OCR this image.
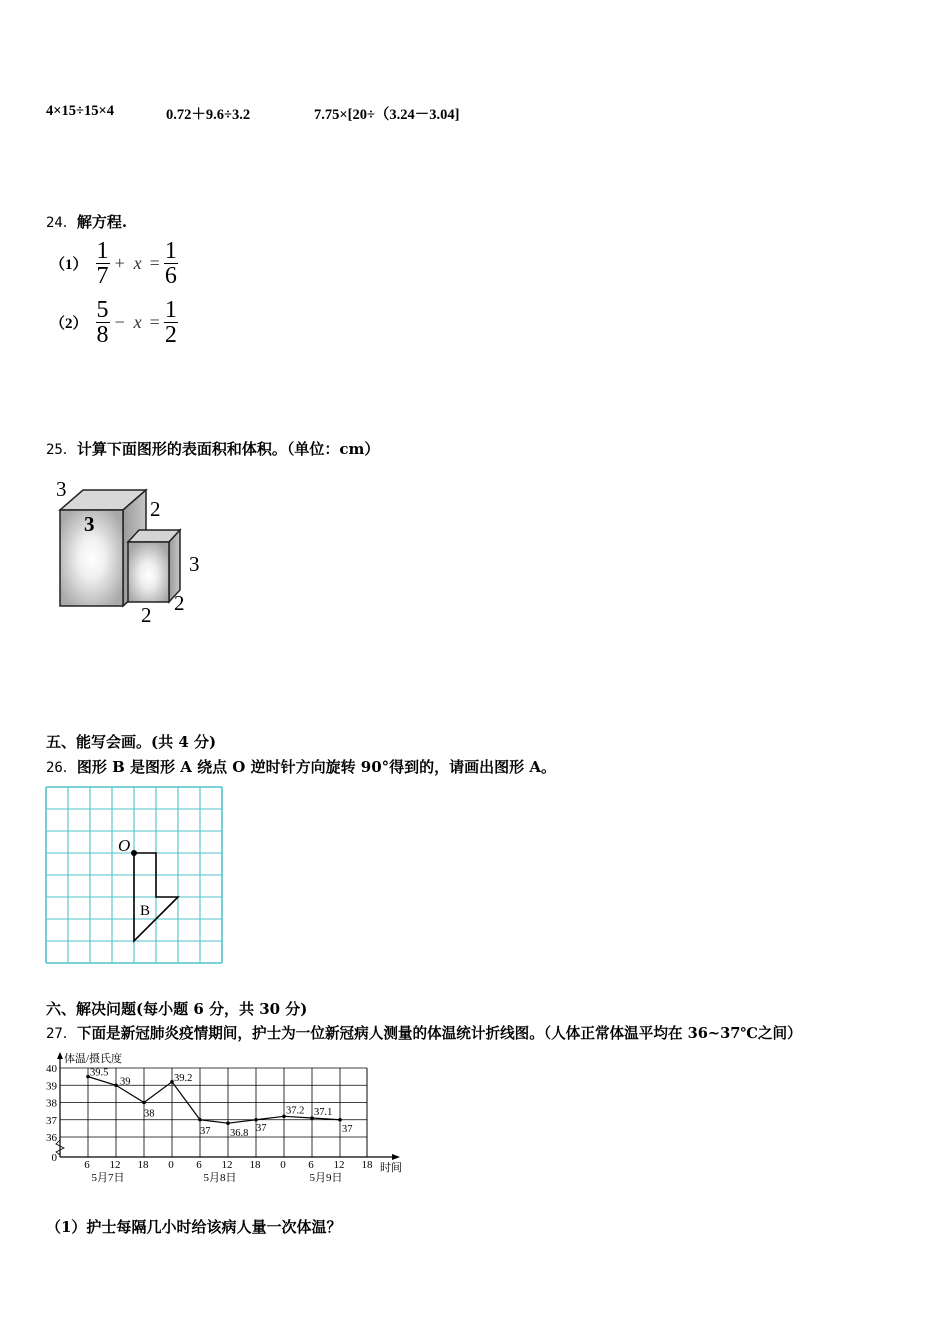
4×15÷15×4	0.72＋9.6÷3.2	7.75×[20÷（3.24－3.04]
24．解方程.
$(1) \frac{1}{7} + x = \frac{1}{6}$
$(2) \frac{5}{8} - x = \frac{1}{2}$
25．计算下面图形的表面积和体积。（单位：cm）
3
3
2
3
2 2
五、能写会画。(共 4 分)
26．图形 B 是图形 A 绕点 O 逆时针方向旋转 90°得到的，请画出图形 A。
O
B
六、解决问题(每小题 6 分，共 30 分)
27．下面是新冠肺炎疫情期间，护士为一位新冠病人测量的体温统计折线图。（人体正常体温平均在 36~37℃之间）
体温/摄氏度
时间
0
36
37
38
39
40
6 12 18 0 6 12 18 0 6 12 18
5月7日	5月8日	5月9日
39.5
39
38
39.2
37 36.8 37
37.2 37.1
37
（1）护士每隔几小时给该病人量一次体温？
